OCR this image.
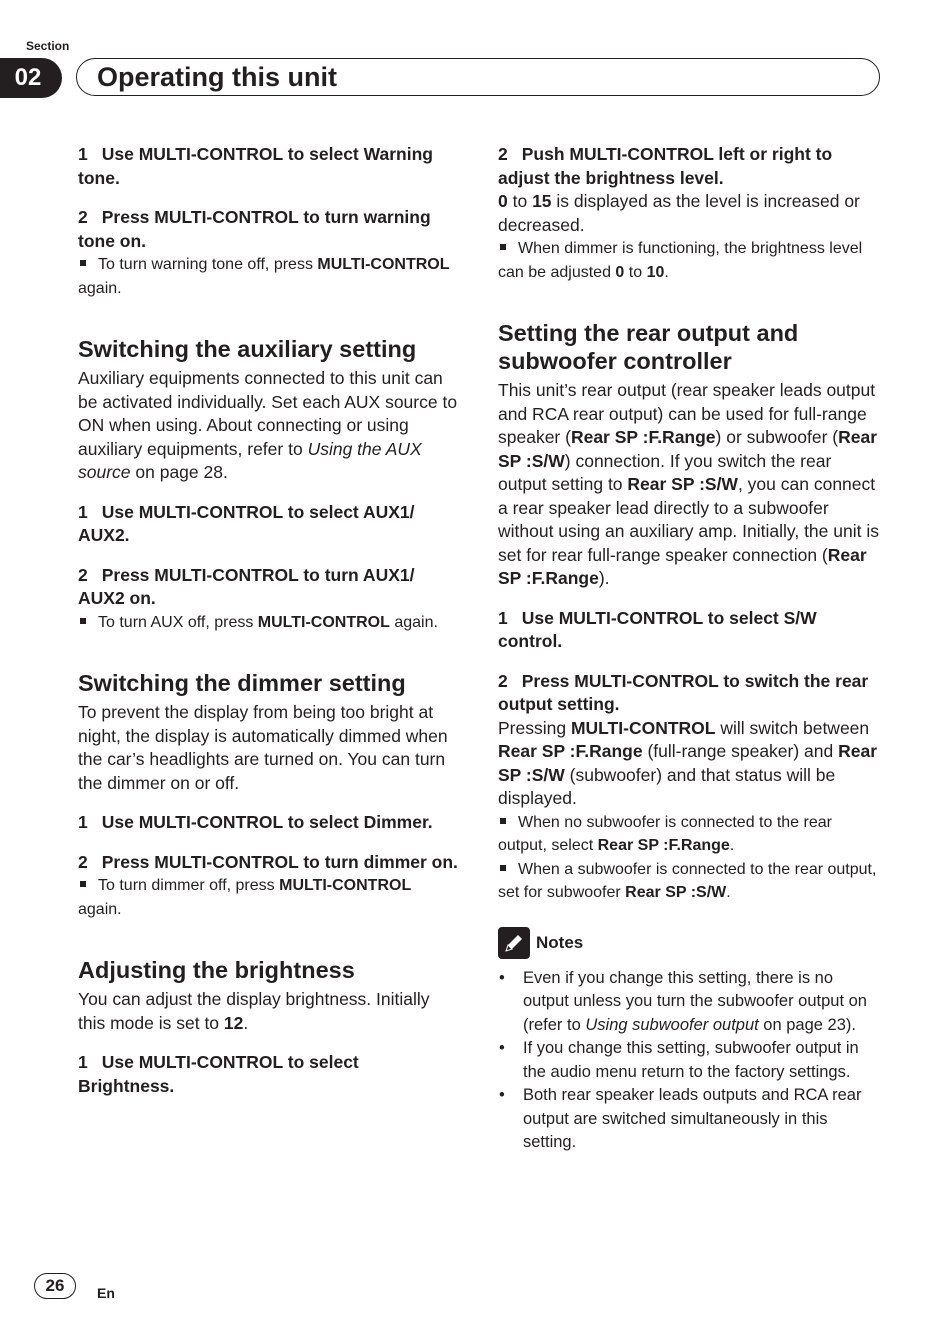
Section
02	Operating this unit

1 Use MULTI-CONTROL to select Warning tone.

2 Press MULTI-CONTROL to turn warning tone on.

To turn warning tone off, press MULTI-CONTROL again.

Switching the auxiliary setting

Auxiliary equipments connected to this unit can be activated individually. Set each AUX source to ON when using. About connecting or using auxiliary equipments, refer to Using the AUX source on page 28.

1 Use MULTI-CONTROL to select AUX1/ AUX2.

2 Press MULTI-CONTROL to turn AUX1/ AUX2 on.

To turn AUX off, press MULTI-CONTROL again.

Switching the dimmer setting

To prevent the display from being too bright at night, the display is automatically dimmed when the car’s headlights are turned on. You can turn the dimmer on or off.

1 Use MULTI-CONTROL to select Dimmer.

2 Press MULTI-CONTROL to turn dimmer on.

To turn dimmer off, press MULTI-CONTROL again.

Adjusting the brightness

You can adjust the display brightness. Initially this mode is set to 12.

1 Use MULTI-CONTROL to select Brightness.

2 Push MULTI-CONTROL left or right to adjust the brightness level.

0 to 15 is displayed as the level is increased or decreased.

When dimmer is functioning, the brightness level can be adjusted 0 to 10.

Setting the rear output and subwoofer controller

This unit’s rear output (rear speaker leads output and RCA rear output) can be used for full-range speaker (Rear SP :F.Range) or subwoofer (Rear SP :S/W) connection. If you switch the rear output setting to Rear SP :S/W, you can connect a rear speaker lead directly to a subwoofer without using an auxiliary amp. Initially, the unit is set for rear full-range speaker connection (Rear SP :F.Range).

1 Use MULTI-CONTROL to select S/W control.

2 Press MULTI-CONTROL to switch the rear output setting.

Pressing MULTI-CONTROL will switch between Rear SP :F.Range (full-range speaker) and Rear SP :S/W (subwoofer) and that status will be displayed.

When no subwoofer is connected to the rear output, select Rear SP :F.Range.

When a subwoofer is connected to the rear output, set for subwoofer Rear SP :S/W.

Notes

• Even if you change this setting, there is no output unless you turn the subwoofer output on (refer to Using subwoofer output on page 23).
• If you change this setting, subwoofer output in the audio menu return to the factory settings.
• Both rear speaker leads outputs and RCA rear output are switched simultaneously in this setting.
26	En
